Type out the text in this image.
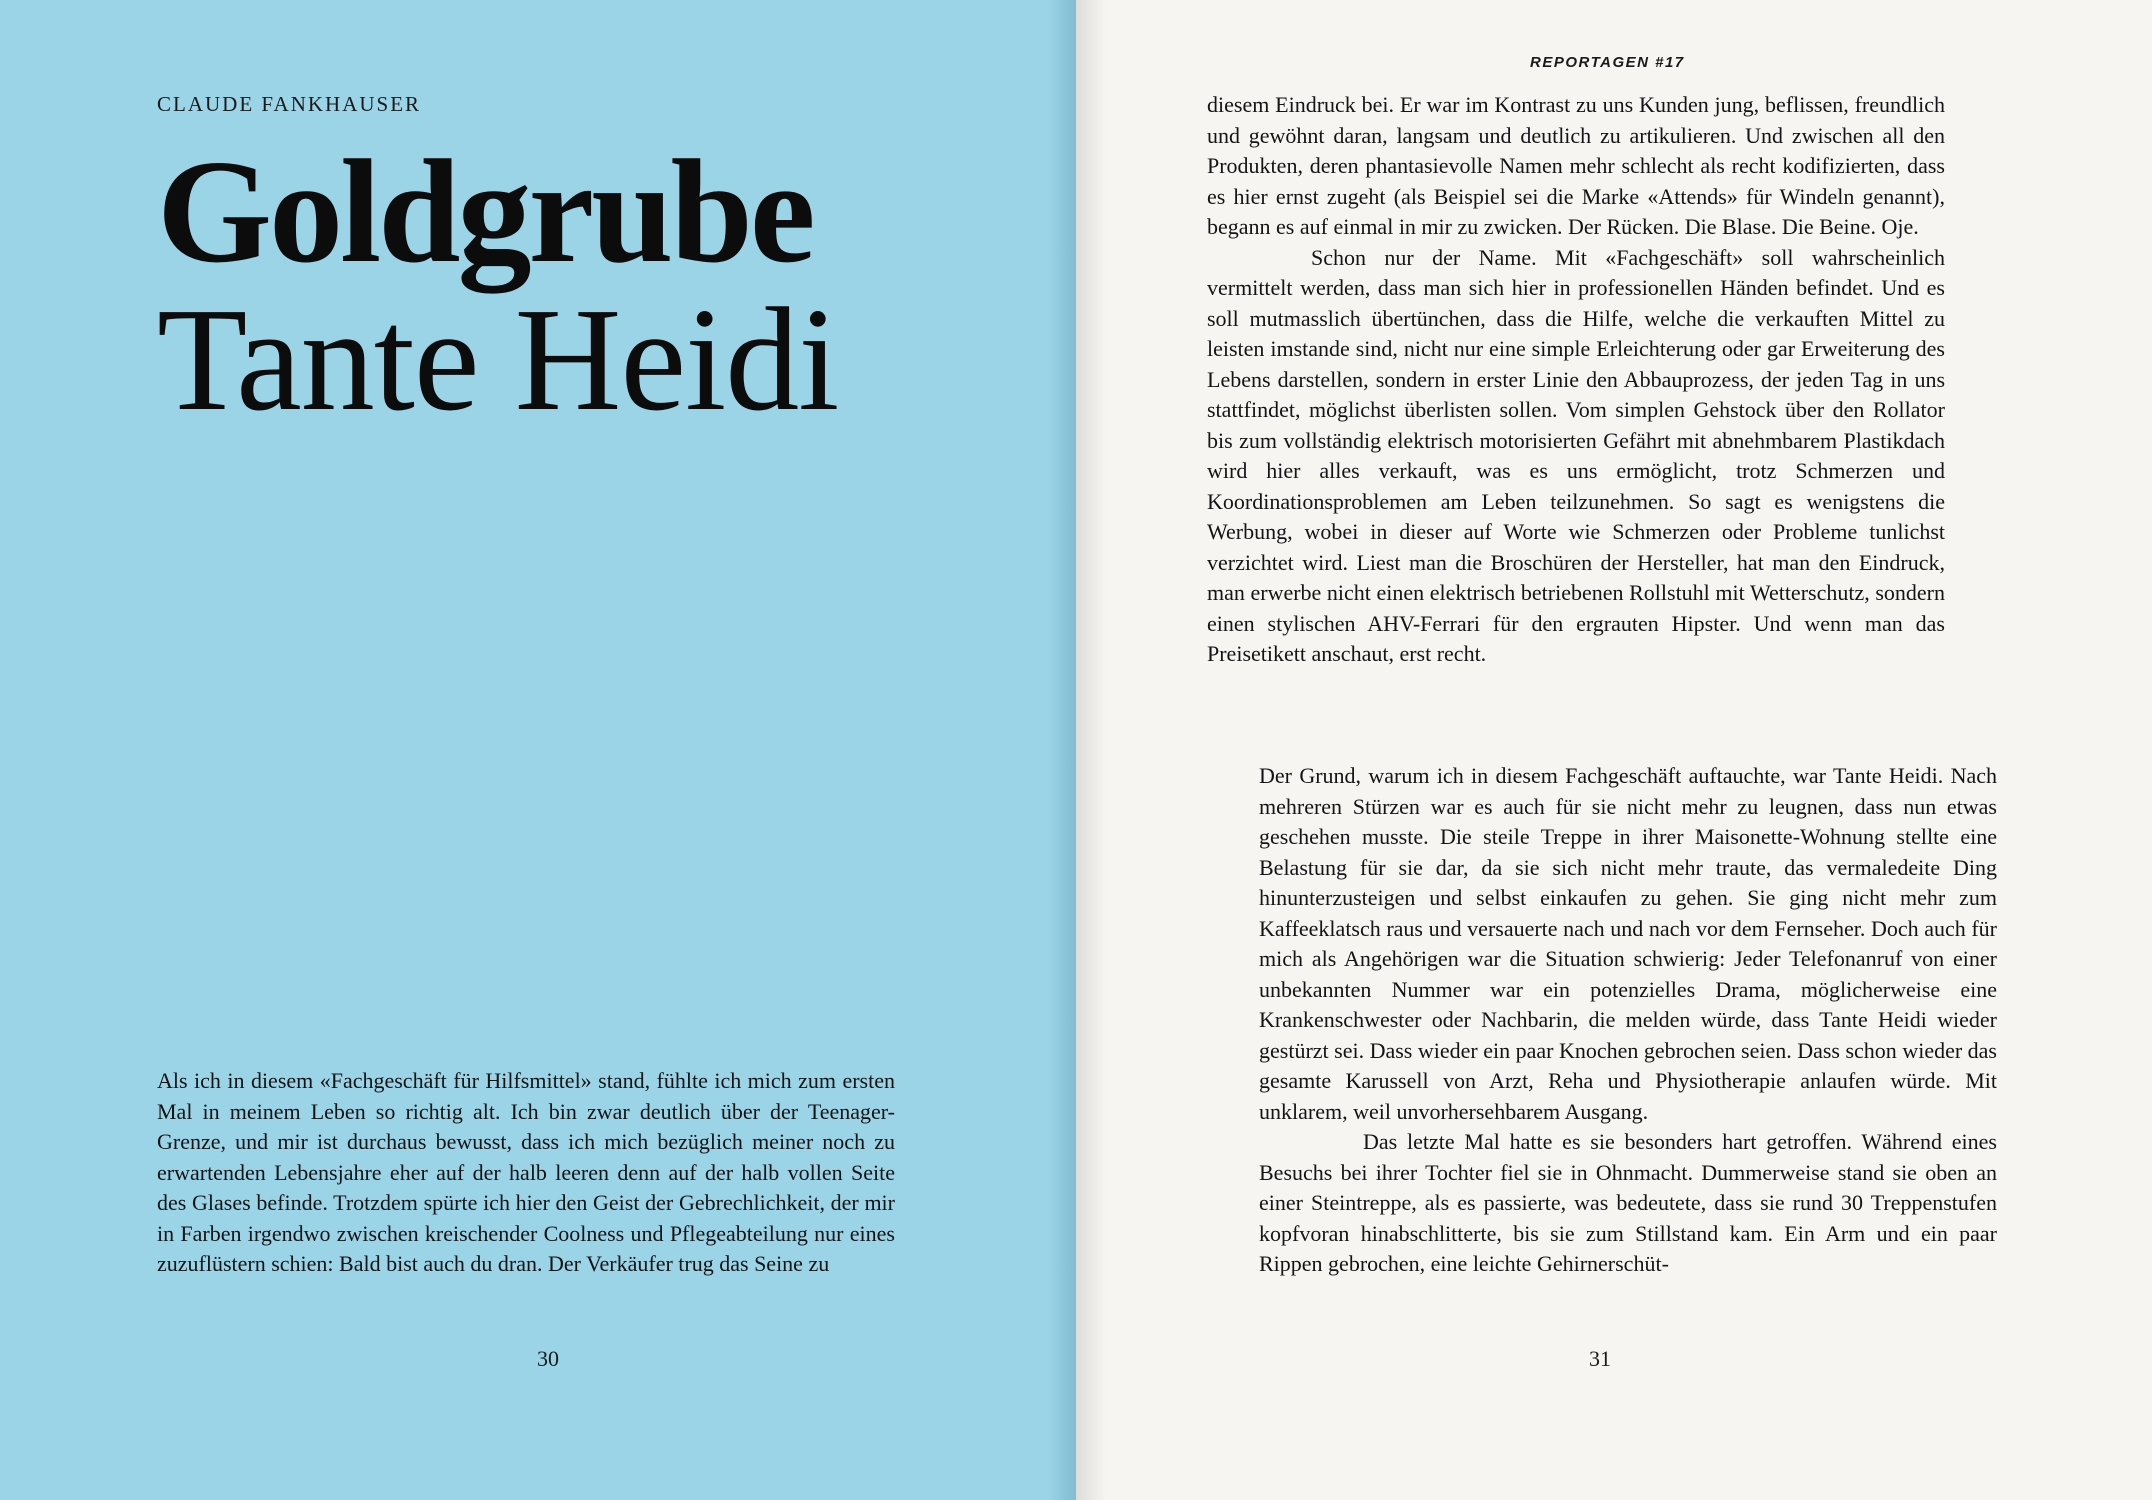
CLAUDE FANKHAUSER
Goldgrube
Tante Heidi

Als ich in diesem «Fachgeschäft für Hilfsmittel» stand, fühlte ich mich zum ersten Mal in meinem Leben so richtig alt. Ich bin zwar deutlich über der Teenager-Grenze, und mir ist durchaus bewusst, dass ich mich bezüglich meiner noch zu erwartenden Lebensjahre eher auf der halb leeren denn auf der halb vollen Seite des Glases befinde. Trotzdem spürte ich hier den Geist der Gebrechlichkeit, der mir in Farben irgendwo zwischen kreischender Coolness und Pflegeabteilung nur eines zuzuflüstern schien: Bald bist auch du dran. Der Verkäufer trug das Seine zu

30
REPORTAGEN #17
diesem Eindruck bei. Er war im Kontrast zu uns Kunden jung, beflissen, freundlich und gewöhnt daran, langsam und deutlich zu artikulieren. Und zwischen all den Produkten, deren phantasievolle Namen mehr schlecht als recht kodifizierten, dass es hier ernst zugeht (als Beispiel sei die Marke «Attends» für Windeln genannt), begann es auf einmal in mir zu zwicken. Der Rücken. Die Blase. Die Beine. Oje.
Schon nur der Name. Mit «Fachgeschäft» soll wahrscheinlich vermittelt werden, dass man sich hier in professionellen Händen befindet. Und es soll mutmasslich übertünchen, dass die Hilfe, welche die verkauften Mittel zu leisten imstande sind, nicht nur eine simple Erleichterung oder gar Erweiterung des Lebens darstellen, sondern in erster Linie den Abbauprozess, der jeden Tag in uns stattfindet, möglichst überlisten sollen. Vom simplen Gehstock über den Rollator bis zum vollständig elektrisch motorisierten Gefährt mit abnehmbarem Plastikdach wird hier alles verkauft, was es uns ermöglicht, trotz Schmerzen und Koordinationsproblemen am Leben teilzunehmen. So sagt es wenigstens die Werbung, wobei in dieser auf Worte wie Schmerzen oder Probleme tunlichst verzichtet wird. Liest man die Broschüren der Hersteller, hat man den Eindruck, man erwerbe nicht einen elektrisch betriebenen Rollstuhl mit Wetterschutz, sondern einen stylischen AHV-Ferrari für den ergrauten Hipster. Und wenn man das Preisetikett anschaut, erst recht.
Der Grund, warum ich in diesem Fachgeschäft auftauchte, war Tante Heidi. Nach mehreren Stürzen war es auch für sie nicht mehr zu leugnen, dass nun etwas geschehen musste. Die steile Treppe in ihrer Maisonette-Wohnung stellte eine Belastung für sie dar, da sie sich nicht mehr traute, das vermaledeite Ding hinunterzusteigen und selbst einkaufen zu gehen. Sie ging nicht mehr zum Kaffeeklatsch raus und versauerte nach und nach vor dem Fernseher. Doch auch für mich als Angehörigen war die Situation schwierig: Jeder Telefonanruf von einer unbekannten Nummer war ein potenzielles Drama, möglicherweise eine Krankenschwester oder Nachbarin, die melden würde, dass Tante Heidi wieder gestürzt sei. Dass wieder ein paar Knochen gebrochen seien. Dass schon wieder das gesamte Karussell von Arzt, Reha und Physiotherapie anlaufen würde. Mit unklarem, weil unvorhersehbarem Ausgang.
Das letzte Mal hatte es sie besonders hart getroffen. Während eines Besuchs bei ihrer Tochter fiel sie in Ohnmacht. Dummerweise stand sie oben an einer Steintreppe, als es passierte, was bedeutete, dass sie rund 30 Treppenstufen kopfvoran hinabschlitterte, bis sie zum Stillstand kam. Ein Arm und ein paar Rippen gebrochen, eine leichte Gehirnerschüt-
31
